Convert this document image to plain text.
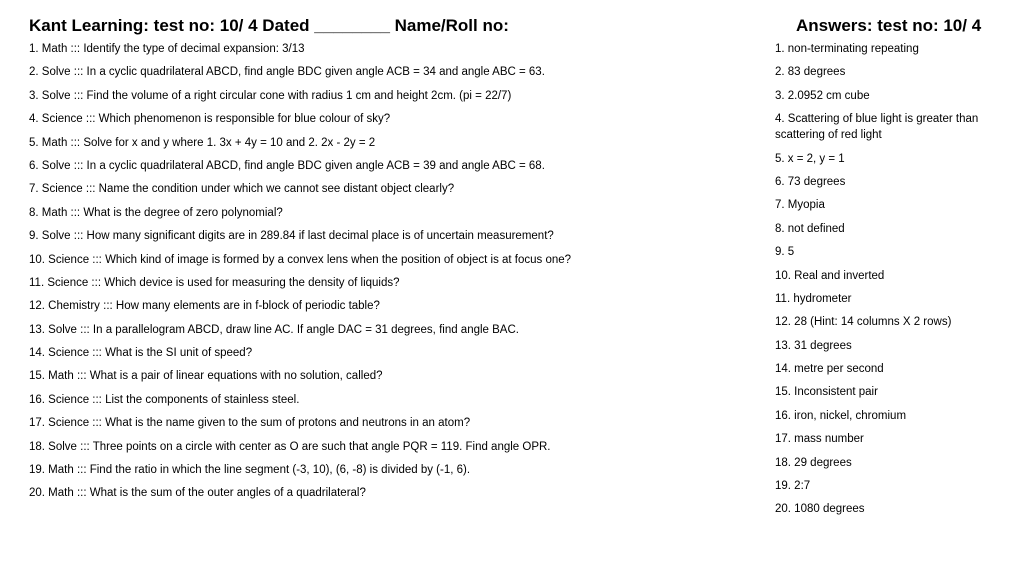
Kant Learning: test no: 10/ 4 Dated ________ Name/Roll no:	Answers: test no: 10/ 4
1. Math ::: Identify the type of decimal expansion: 3/13
2. Solve ::: In a cyclic quadrilateral ABCD, find angle BDC given angle ACB = 34 and angle ABC = 63.
3. Solve ::: Find the volume of a right circular cone with radius 1 cm and height 2cm. (pi = 22/7)
4. Science ::: Which phenomenon is responsible for blue colour of sky?
5. Math ::: Solve for x and y where 1. 3x + 4y = 10 and 2. 2x - 2y = 2
6. Solve ::: In a cyclic quadrilateral ABCD, find angle BDC given angle ACB = 39 and angle ABC = 68.
7. Science ::: Name the condition under which we cannot see distant object clearly?
8. Math ::: What is the degree of zero polynomial?
9. Solve ::: How many significant digits are in 289.84 if last decimal place is of uncertain measurement?
10. Science ::: Which kind of image is formed by a convex lens when the position of object is at focus one?
11. Science ::: Which device is used for measuring the density of liquids?
12. Chemistry ::: How many elements are in f-block of periodic table?
13. Solve ::: In a parallelogram ABCD, draw line AC. If angle DAC = 31 degrees, find angle BAC.
14. Science ::: What is the SI unit of speed?
15. Math ::: What is a pair of linear equations with no solution, called?
16. Science ::: List the components of stainless steel.
17. Science ::: What is the name given to the sum of protons and neutrons in an atom?
18. Solve ::: Three points on a circle with center as O are such that angle PQR = 119. Find angle OPR.
19. Math ::: Find the ratio in which the line segment (-3, 10), (6, -8) is divided by (-1, 6).
20. Math ::: What is the sum of the outer angles of a quadrilateral?
1. non-terminating repeating
2. 83 degrees
3. 2.0952 cm cube
4. Scattering of blue light is greater than scattering of red light
5. x = 2, y = 1
6. 73 degrees
7. Myopia
8. not defined
9. 5
10. Real and inverted
11. hydrometer
12. 28 (Hint: 14 columns X 2 rows)
13. 31 degrees
14. metre per second
15. Inconsistent pair
16. iron, nickel, chromium
17. mass number
18. 29 degrees
19. 2:7
20. 1080 degrees
